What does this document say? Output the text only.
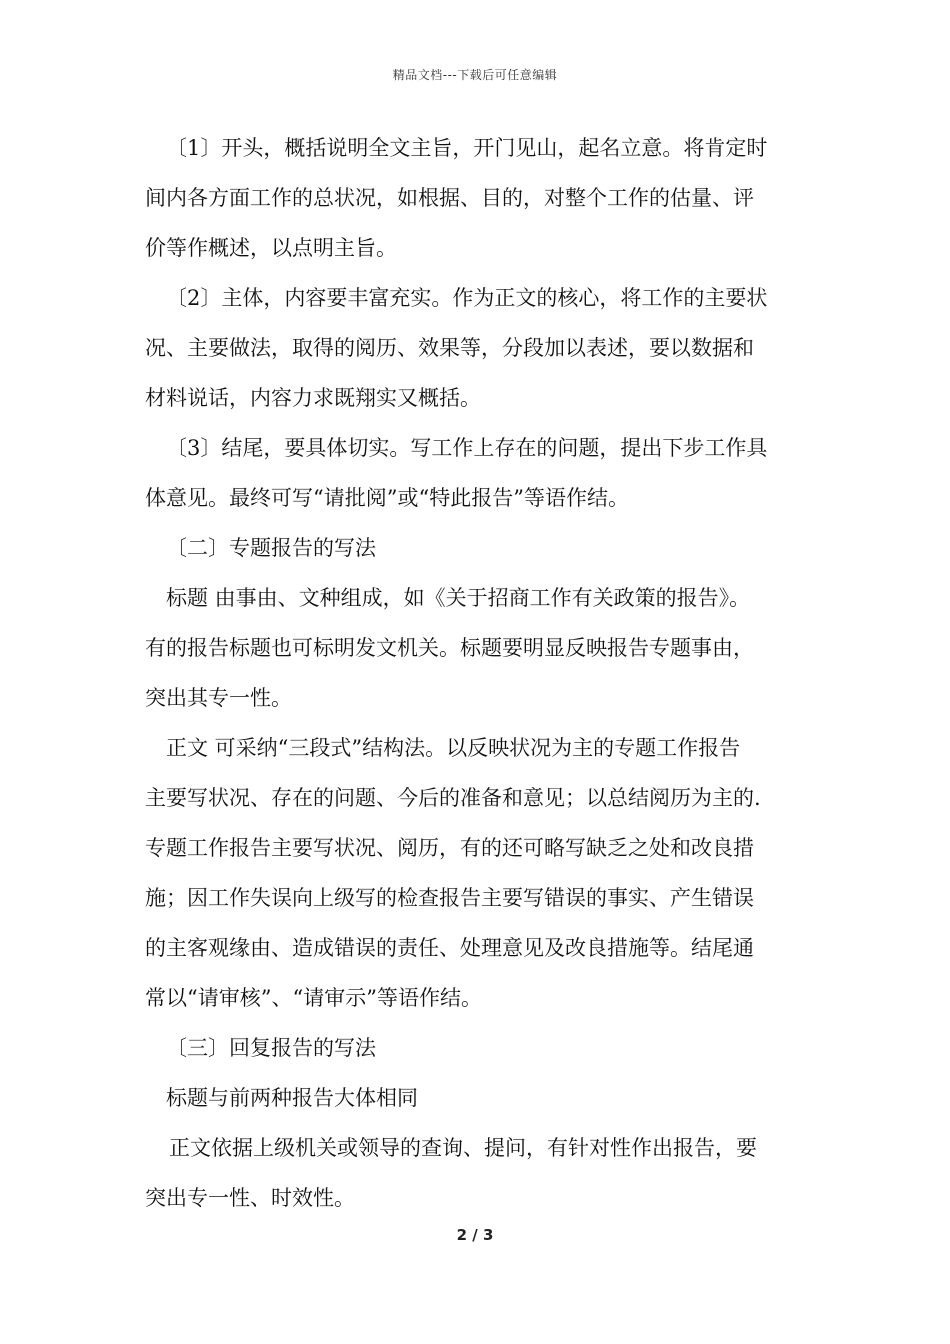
精品文档---下载后可任意编辑
〔1〕开头，概括说明全文主旨，开门见山，起名立意。将肯定时
间内各方面工作的总状况，如根据、目的，对整个工作的估量、评
价等作概述，以点明主旨。
〔2〕主体，内容要丰富充实。作为正文的核心，将工作的主要状
况、主要做法，取得的阅历、效果等，分段加以表述，要以数据和
材料说话，内容力求既翔实又概括。
〔3〕结尾，要具体切实。写工作上存在的问题，提出下步工作具
体意见。最终可写“请批阅”或“特此报告”等语作结。
〔二〕专题报告的写法
标题 由事由、文种组成，如《关于招商工作有关政策的报告》。
有的报告标题也可标明发文机关。标题要明显反映报告专题事由，
突出其专一性。
正文 可采纳“三段式”结构法。以反映状况为主的专题工作报告
主要写状况、存在的问题、今后的准备和意见；以总结阅历为主的.
专题工作报告主要写状况、阅历，有的还可略写缺乏之处和改良措
施；因工作失误向上级写的检查报告主要写错误的事实、产生错误
的主客观缘由、造成错误的责任、处理意见及改良措施等。结尾通
常以“请审核”、“请审示”等语作结。
〔三〕回复报告的写法
标题与前两种报告大体相同
正文依据上级机关或领导的查询、提问，有针对性作出报告，要
突出专一性、时效性。
2 / 3
